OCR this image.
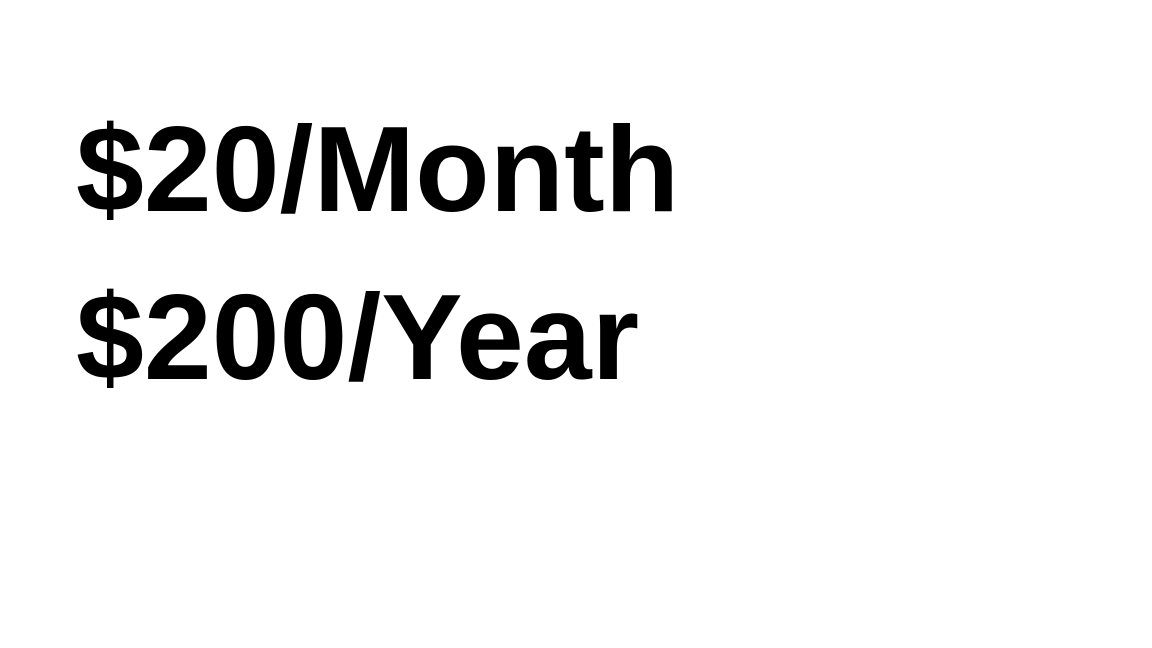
$20/Month

$200/Year
